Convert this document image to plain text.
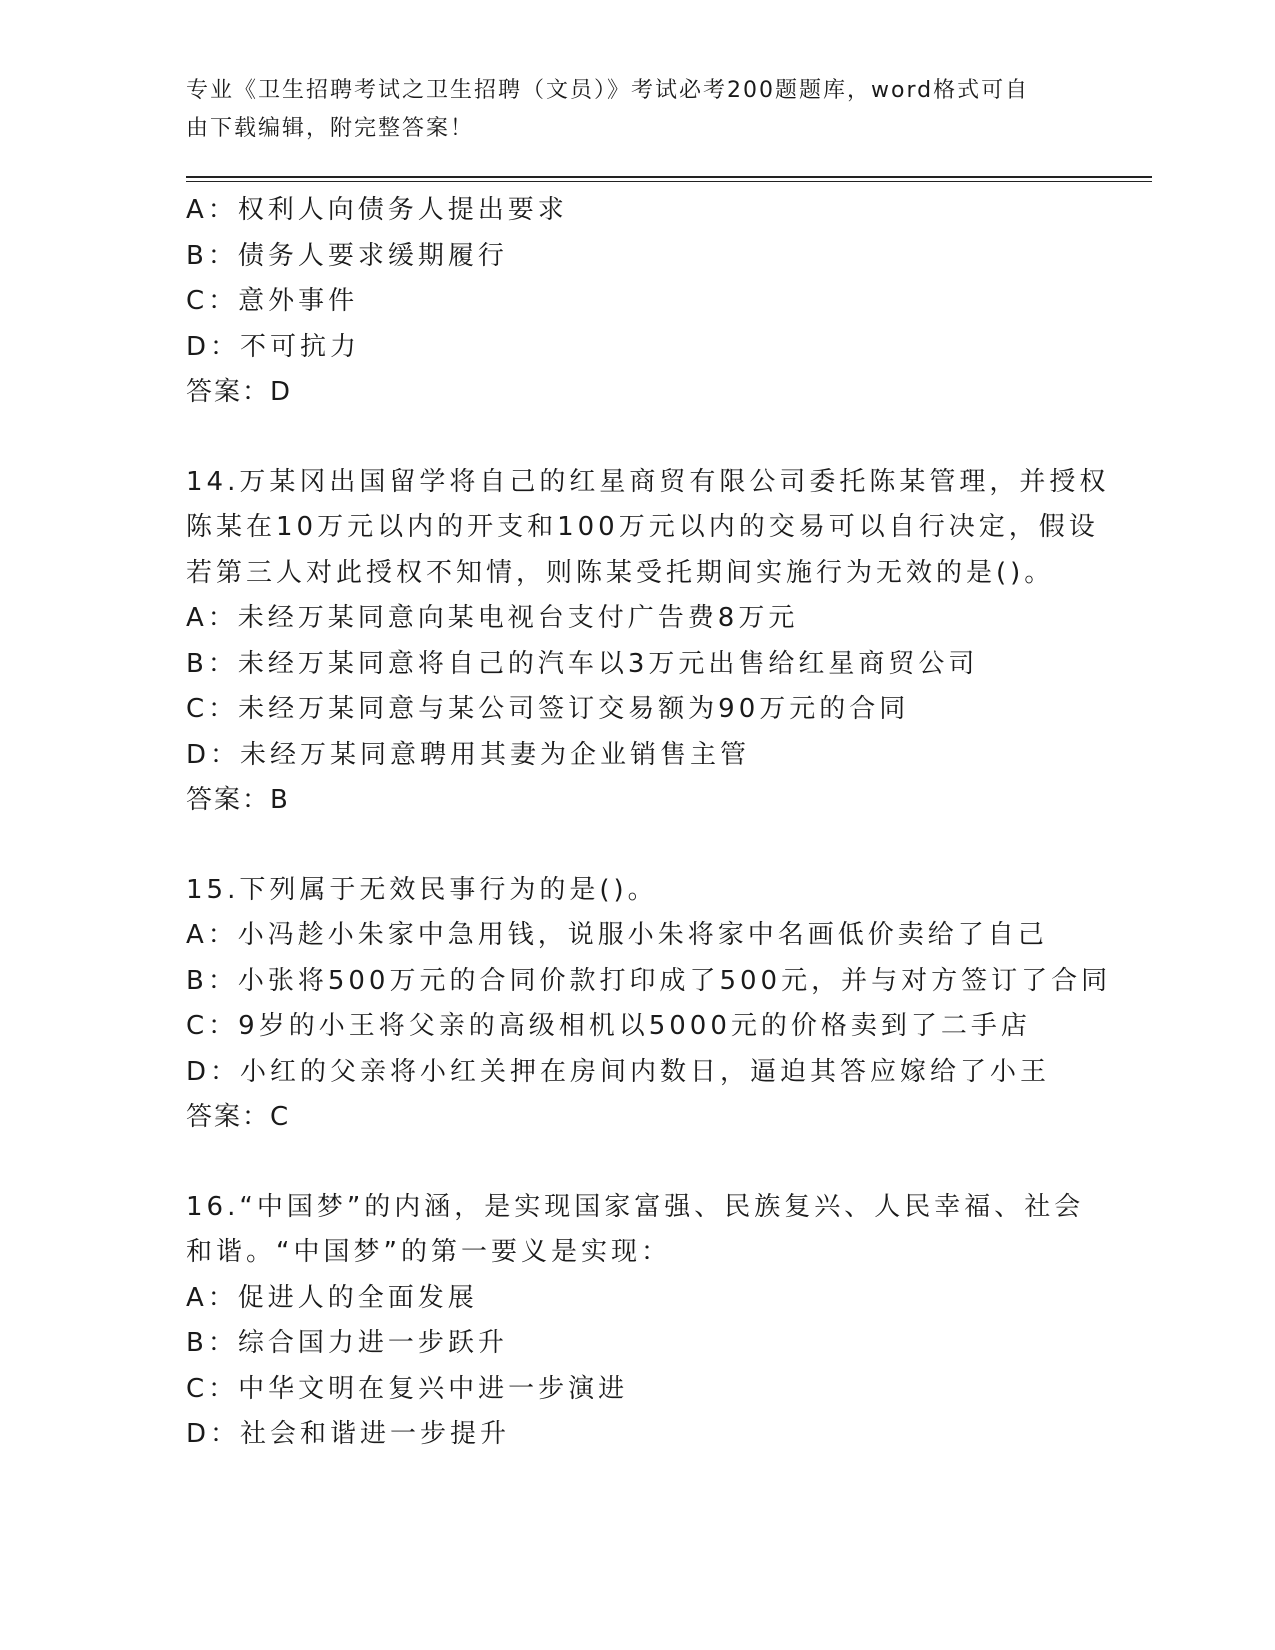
专业《卫生招聘考试之卫生招聘（文员）》考试必考200题题库，word格式可自
由下载编辑，附完整答案！
A：权利人向债务人提出要求
B：债务人要求缓期履行
C：意外事件
D：不可抗力
答案：D
14.万某冈出国留学将自己的红星商贸有限公司委托陈某管理，并授权
陈某在10万元以内的开支和100万元以内的交易可以自行决定，假设
若第三人对此授权不知情，则陈某受托期间实施行为无效的是()。
A：未经万某同意向某电视台支付广告费8万元
B：未经万某同意将自己的汽车以3万元出售给红星商贸公司
C：未经万某同意与某公司签订交易额为90万元的合同
D：未经万某同意聘用其妻为企业销售主管
答案：B
15.下列属于无效民事行为的是()。
A：小冯趁小朱家中急用钱，说服小朱将家中名画低价卖给了自己
B：小张将500万元的合同价款打印成了500元，并与对方签订了合同
C：9岁的小王将父亲的高级相机以5000元的价格卖到了二手店
D：小红的父亲将小红关押在房间内数日，逼迫其答应嫁给了小王
答案：C
16.“中国梦”的内涵，是实现国家富强、民族复兴、人民幸福、社会
和谐。“中国梦”的第一要义是实现：
A：促进人的全面发展
B：综合国力进一步跃升
C：中华文明在复兴中进一步演进
D：社会和谐进一步提升
